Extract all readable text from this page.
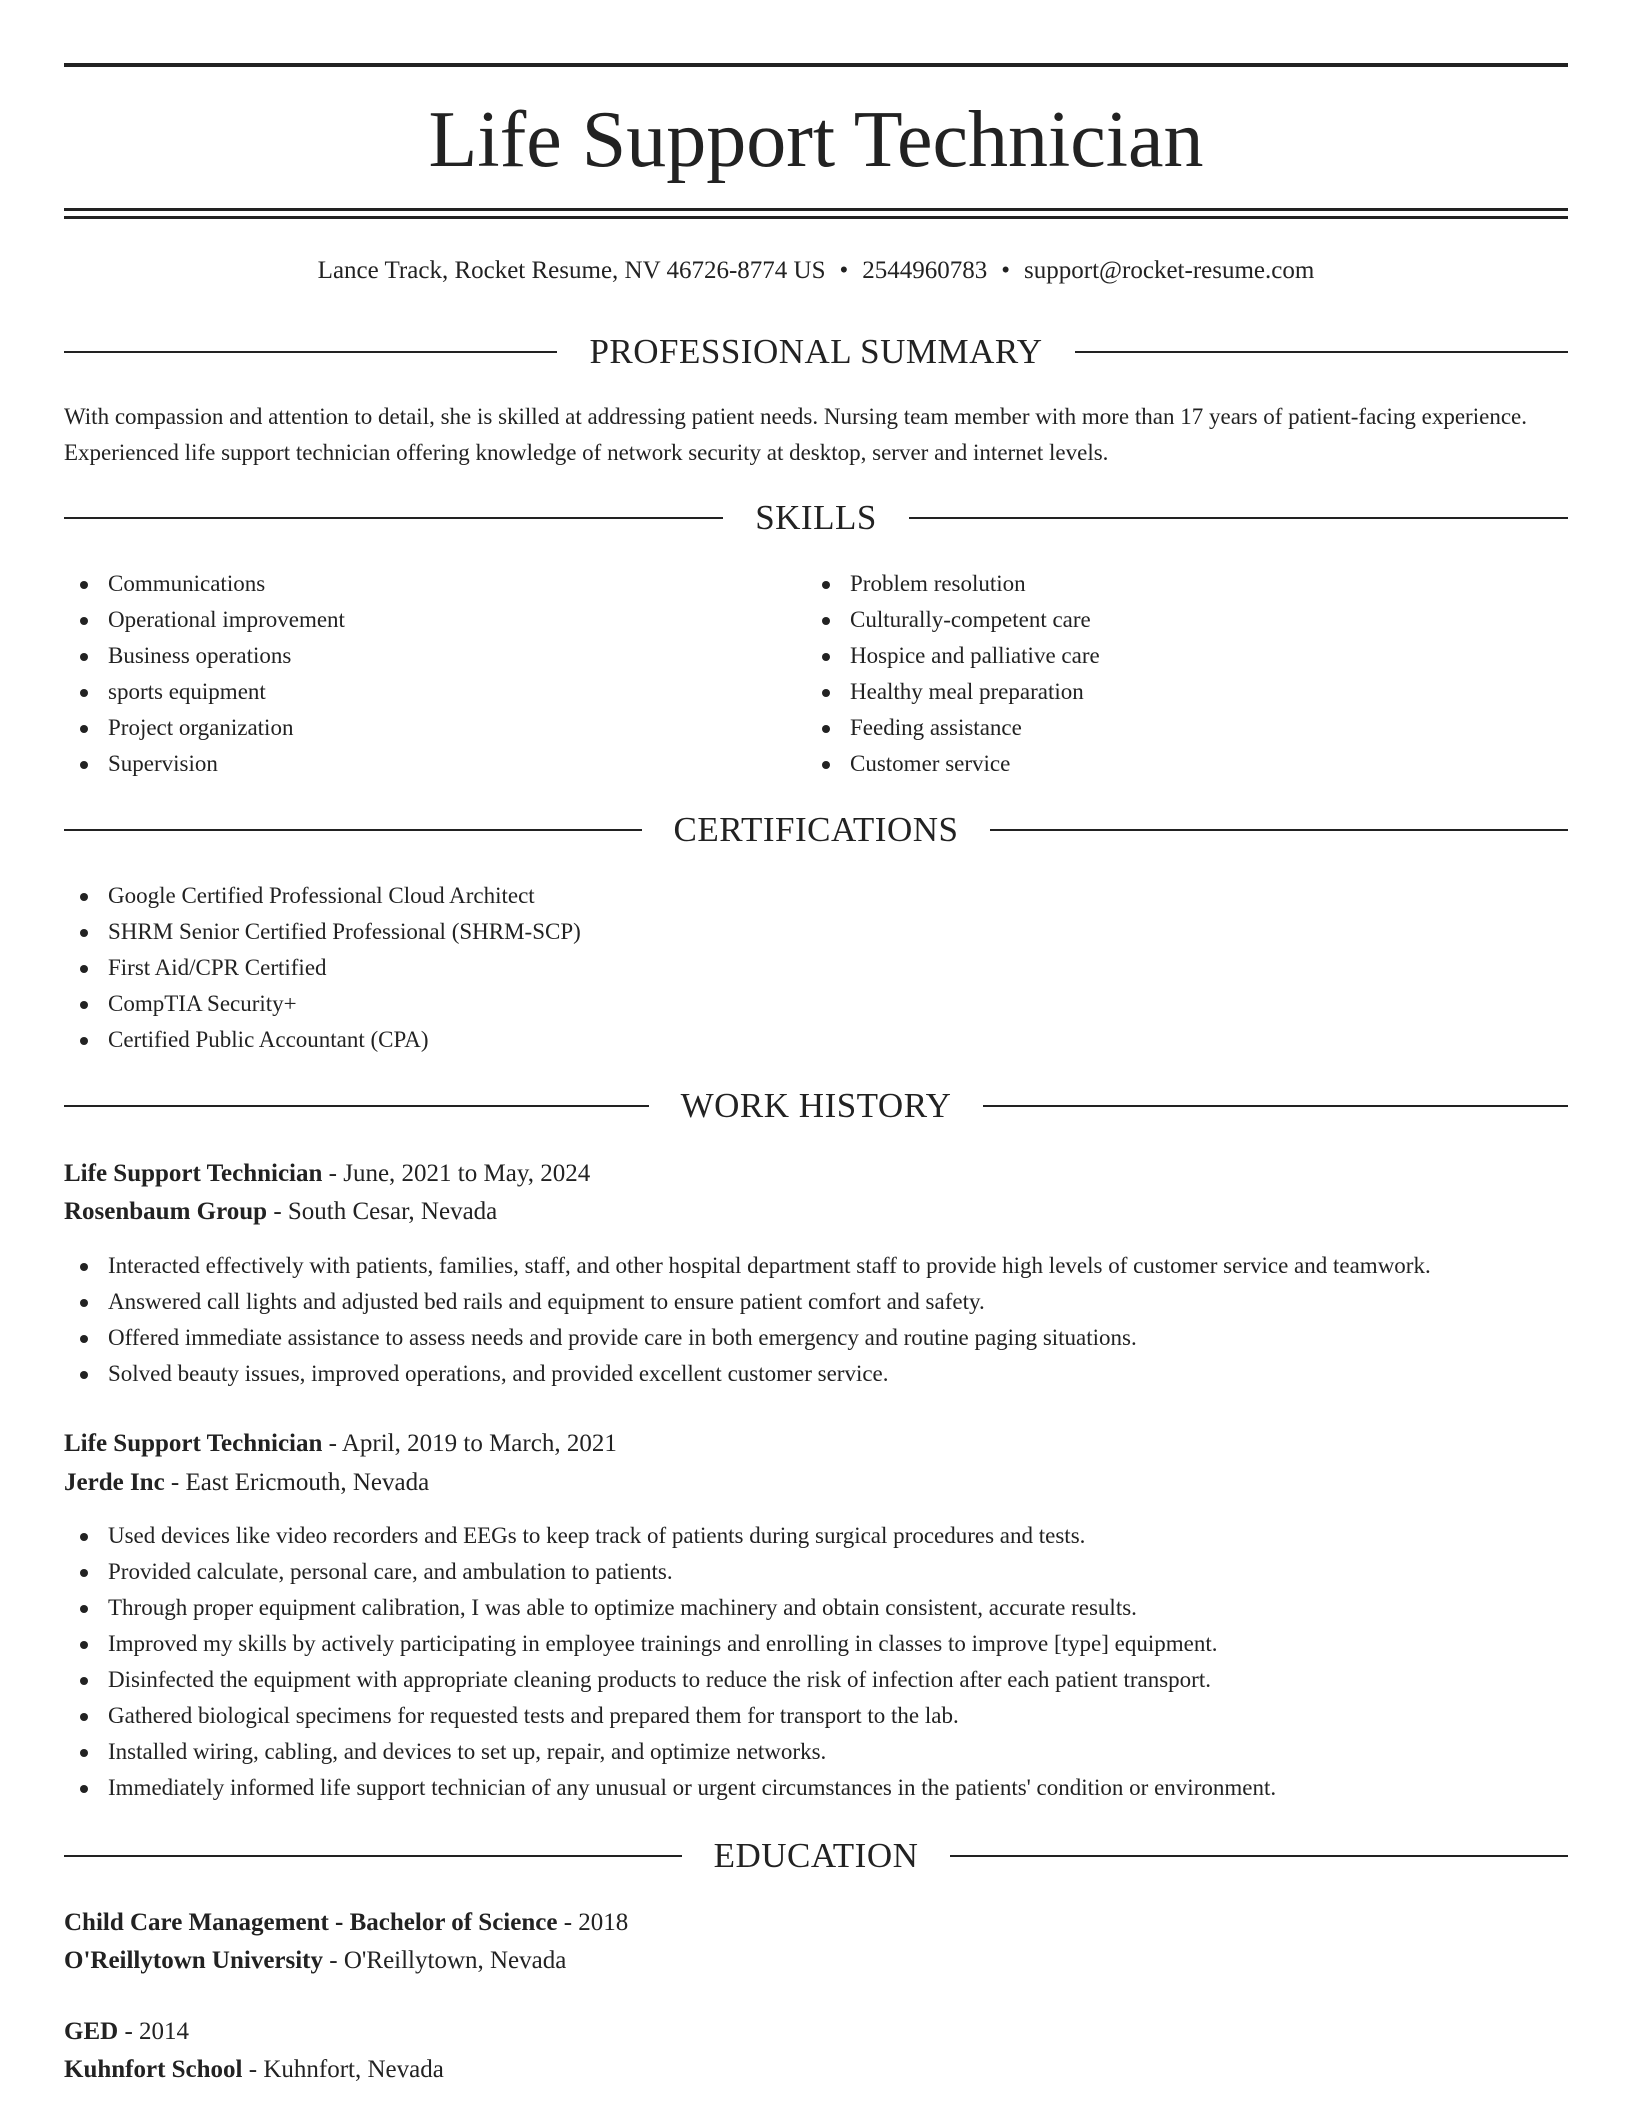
Life Support Technician
Lance Track, Rocket Resume, NV 46726-8774 US • 2544960783 • support@rocket-resume.com
PROFESSIONAL SUMMARY

With compassion and attention to detail, she is skilled at addressing patient needs. Nursing team member with more than 17 years of patient-facing experience. Experienced life support technician offering knowledge of network security at desktop, server and internet levels.

SKILLS
Communications
Operational improvement
Business operations
sports equipment
Project organization
Supervision
Problem resolution
Culturally-competent care
Hospice and palliative care
Healthy meal preparation
Feeding assistance
Customer service
CERTIFICATIONS
Google Certified Professional Cloud Architect
SHRM Senior Certified Professional (SHRM-SCP)
First Aid/CPR Certified
CompTIA Security+
Certified Public Accountant (CPA)
WORK HISTORY
Life Support Technician - June, 2021 to May, 2024
Rosenbaum Group - South Cesar, Nevada
Interacted effectively with patients, families, staff, and other hospital department staff to provide high levels of customer service and teamwork.
Answered call lights and adjusted bed rails and equipment to ensure patient comfort and safety.
Offered immediate assistance to assess needs and provide care in both emergency and routine paging situations.
Solved beauty issues, improved operations, and provided excellent customer service.
Life Support Technician - April, 2019 to March, 2021
Jerde Inc - East Ericmouth, Nevada
Used devices like video recorders and EEGs to keep track of patients during surgical procedures and tests.
Provided calculate, personal care, and ambulation to patients.
Through proper equipment calibration, I was able to optimize machinery and obtain consistent, accurate results.
Improved my skills by actively participating in employee trainings and enrolling in classes to improve [type] equipment.
Disinfected the equipment with appropriate cleaning products to reduce the risk of infection after each patient transport.
Gathered biological specimens for requested tests and prepared them for transport to the lab.
Installed wiring, cabling, and devices to set up, repair, and optimize networks.
Immediately informed life support technician of any unusual or urgent circumstances in the patients' condition or environment.
EDUCATION
Child Care Management - Bachelor of Science - 2018
O'Reillytown University - O'Reillytown, Nevada
GED - 2014
Kuhnfort School - Kuhnfort, Nevada
